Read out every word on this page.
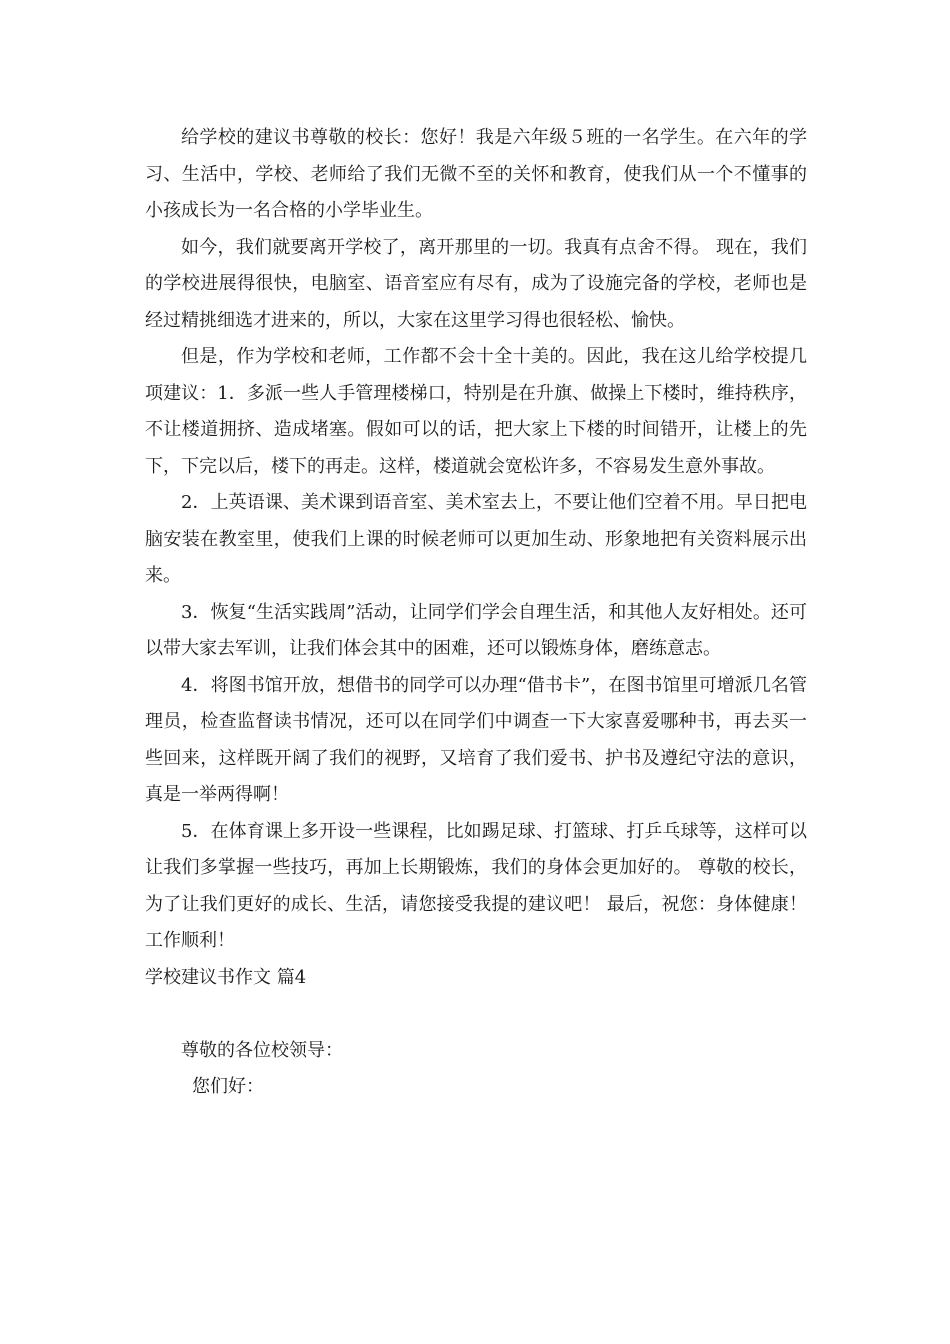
给学校的建议书尊敬的校长：您好！我是六年级５班的一名学生。在六年的学习、生活中，学校、老师给了我们无微不至的关怀和教育，使我们从一个不懂事的小孩成长为一名合格的小学毕业生。

如今，我们就要离开学校了，离开那里的一切。我真有点舍不得。 现在，我们的学校进展得很快，电脑室、语音室应有尽有，成为了设施完备的学校，老师也是经过精挑细选才进来的，所以，大家在这里学习得也很轻松、愉快。

但是，作为学校和老师，工作都不会十全十美的。因此，我在这儿给学校提几项建议：1．多派一些人手管理楼梯口，特别是在升旗、做操上下楼时，维持秩序，不让楼道拥挤、造成堵塞。假如可以的话，把大家上下楼的时间错开，让楼上的先下，下完以后，楼下的再走。这样，楼道就会宽松许多，不容易发生意外事故。

2．上英语课、美术课到语音室、美术室去上，不要让他们空着不用。早日把电脑安装在教室里，使我们上课的时候老师可以更加生动、形象地把有关资料展示出来。

3．恢复“生活实践周”活动，让同学们学会自理生活，和其他人友好相处。还可以带大家去军训，让我们体会其中的困难，还可以锻炼身体，磨练意志。

4．将图书馆开放，想借书的同学可以办理“借书卡”，在图书馆里可增派几名管理员，检查监督读书情况，还可以在同学们中调查一下大家喜爱哪种书，再去买一些回来，这样既开阔了我们的视野，又培育了我们爱书、护书及遵纪守法的意识，真是一举两得啊！

5．在体育课上多开设一些课程，比如踢足球、打篮球、打乒乓球等，这样可以让我们多掌握一些技巧，再加上长期锻炼，我们的身体会更加好的。 尊敬的校长，为了让我们更好的成长、生活，请您接受我提的建议吧！ 最后，祝您：身体健康！工作顺利！

学校建议书作文 篇4

尊敬的各位校领导：

您们好：
